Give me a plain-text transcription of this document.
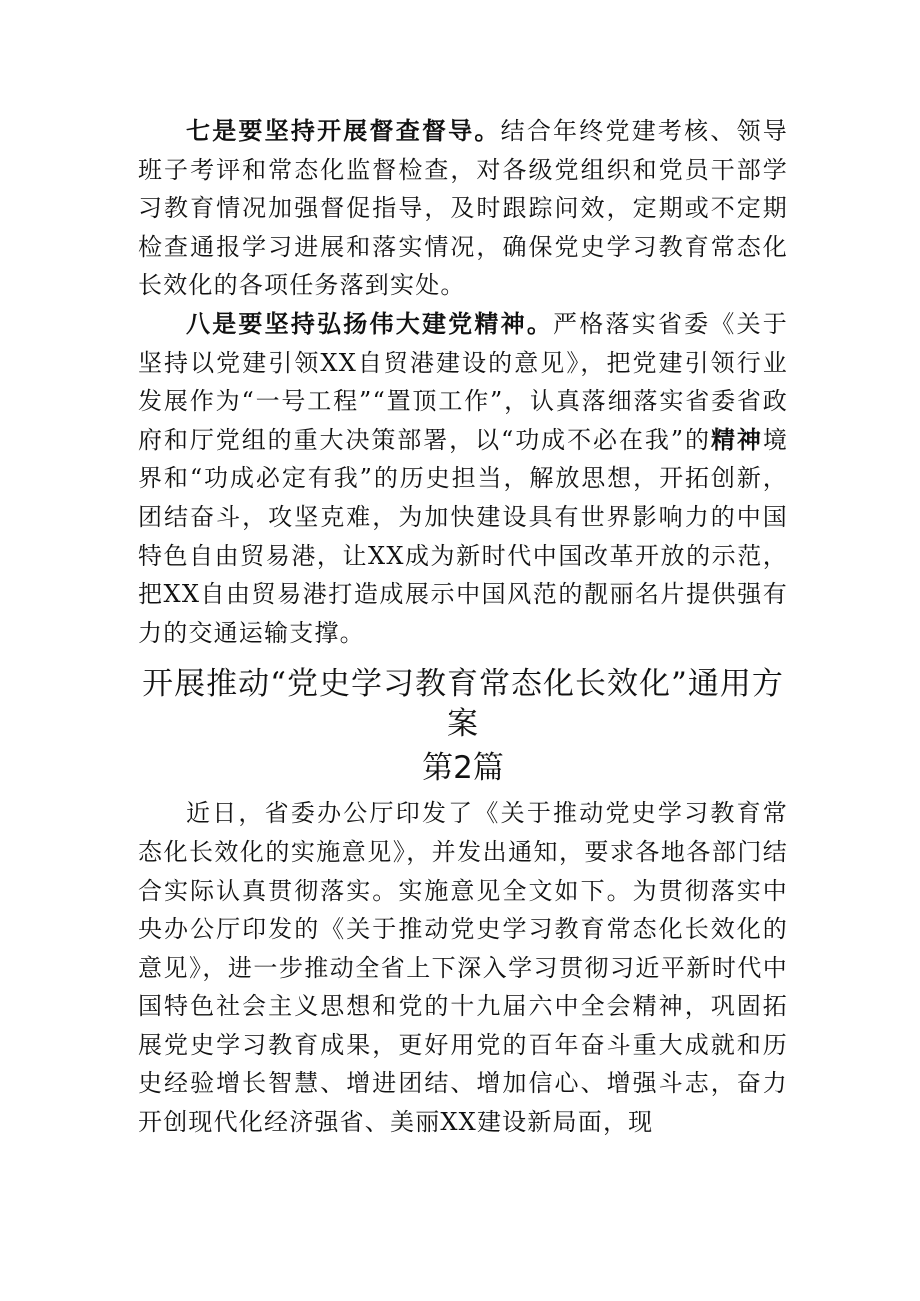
七是要坚持开展督查督导。结合年终党建考核、领导班子考评和常态化监督检查，对各级党组织和党员干部学习教育情况加强督促指导，及时跟踪问效，定期或不定期检查通报学习进展和落实情况，确保党史学习教育常态化长效化的各项任务落到实处。

八是要坚持弘扬伟大建党精神。严格落实省委《关于坚持以党建引领XX自贸港建设的意见》，把党建引领行业发展作为“一号工程”“置顶工作”，认真落细落实省委省政府和厅党组的重大决策部署，以“功成不必在我”的精神境界和“功成必定有我”的历史担当，解放思想，开拓创新，团结奋斗，攻坚克难，为加快建设具有世界影响力的中国特色自由贸易港，让XX成为新时代中国改革开放的示范，把XX自由贸易港打造成展示中国风范的靓丽名片提供强有力的交通运输支撑。

开展推动“党史学习教育常态化长效化”通用方案
第2篇

近日，省委办公厅印发了《关于推动党史学习教育常态化长效化的实施意见》，并发出通知，要求各地各部门结合实际认真贯彻落实。实施意见全文如下。为贯彻落实中央办公厅印发的《关于推动党史学习教育常态化长效化的意见》，进一步推动全省上下深入学习贯彻习近平新时代中国特色社会主义思想和党的十九届六中全会精神，巩固拓展党史学习教育成果，更好用党的百年奋斗重大成就和历史经验增长智慧、增进团结、增加信心、增强斗志，奋力开创现代化经济强省、美丽XX建设新局面，现
